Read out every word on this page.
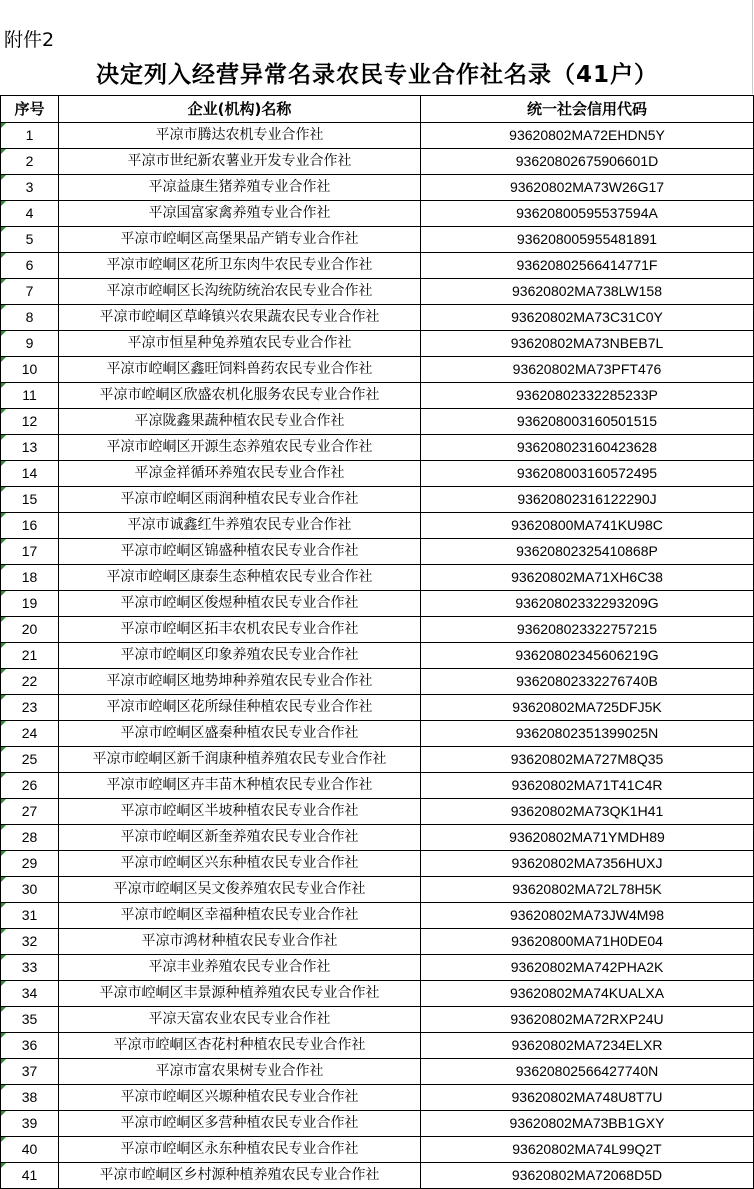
附件2
决定列入经营异常名录农民专业合作社名录（41户）
序号	企业(机构)名称	统一社会信用代码
1	平凉市腾达农机专业合作社	93620802MA72EHDN5Y
2	平凉市世纪新农薯业开发专业合作社	93620802675906601D
3	平凉益康生猪养殖专业合作社	93620802MA73W26G17
4	平凉国富家禽养殖专业合作社	93620800595537594A
5	平凉市崆峒区高堡果品产销专业合作社	936208005955481891
6	平凉市崆峒区花所卫东肉牛农民专业合作社	93620802566414771F
7	平凉市崆峒区长沟统防统治农民专业合作社	93620802MA738LW158
8	平凉市崆峒区草峰镇兴农果蔬农民专业合作社	93620802MA73C31C0Y
9	平凉市恒星种兔养殖农民专业合作社	93620802MA73NBEB7L
10	平凉市崆峒区鑫旺饲料兽药农民专业合作社	93620802MA73PFT476
11	平凉市崆峒区欣盛农机化服务农民专业合作社	93620802332285233P
12	平凉陇鑫果蔬种植农民专业合作社	936208003160501515
13	平凉市崆峒区开源生态养殖农民专业合作社	936208023160423628
14	平凉金祥循环养殖农民专业合作社	936208003160572495
15	平凉市崆峒区雨润种植农民专业合作社	93620802316122290J
16	平凉市诚鑫红牛养殖农民专业合作社	93620800MA741KU98C
17	平凉市崆峒区锦盛种植农民专业合作社	93620802325410868P
18	平凉市崆峒区康泰生态种植农民专业合作社	93620802MA71XH6C38
19	平凉市崆峒区俊煜种植农民专业合作社	93620802332293209G
20	平凉市崆峒区拓丰农机农民专业合作社	936208023322757215
21	平凉市崆峒区印象养殖农民专业合作社	93620802345606219G
22	平凉市崆峒区地势坤种养殖农民专业合作社	93620802332276740B
23	平凉市崆峒区花所绿佳种植农民专业合作社	93620802MA725DFJ5K
24	平凉市崆峒区盛秦种植农民专业合作社	93620802351399025N
25	平凉市崆峒区新千润康种植养殖农民专业合作社	93620802MA727M8Q35
26	平凉市崆峒区卉丰苗木种植农民专业合作社	93620802MA71T41C4R
27	平凉市崆峒区半坡种植农民专业合作社	93620802MA73QK1H41
28	平凉市崆峒区新奎养殖农民专业合作社	93620802MA71YMDH89
29	平凉市崆峒区兴东种植农民专业合作社	93620802MA7356HUXJ
30	平凉市崆峒区吴文俊养殖农民专业合作社	93620802MA72L78H5K
31	平凉市崆峒区幸福种植农民专业合作社	93620802MA73JW4M98
32	平凉市鸿材种植农民专业合作社	93620800MA71H0DE04
33	平凉丰业养殖农民专业合作社	93620802MA742PHA2K
34	平凉市崆峒区丰景源种植养殖农民专业合作社	93620802MA74KUALXA
35	平凉天富农业农民专业合作社	93620802MA72RXP24U
36	平凉市崆峒区杏花村种植农民专业合作社	93620802MA7234ELXR
37	平凉市富农果树专业合作社	93620802566427740N
38	平凉市崆峒区兴塬种植农民专业合作社	93620802MA748U8T7U
39	平凉市崆峒区多营种植农民专业合作社	93620802MA73BB1GXY
40	平凉市崆峒区永东种植农民专业合作社	93620802MA74L99Q2T
41	平凉市崆峒区乡村源种植养殖农民专业合作社	93620802MA72068D5D
